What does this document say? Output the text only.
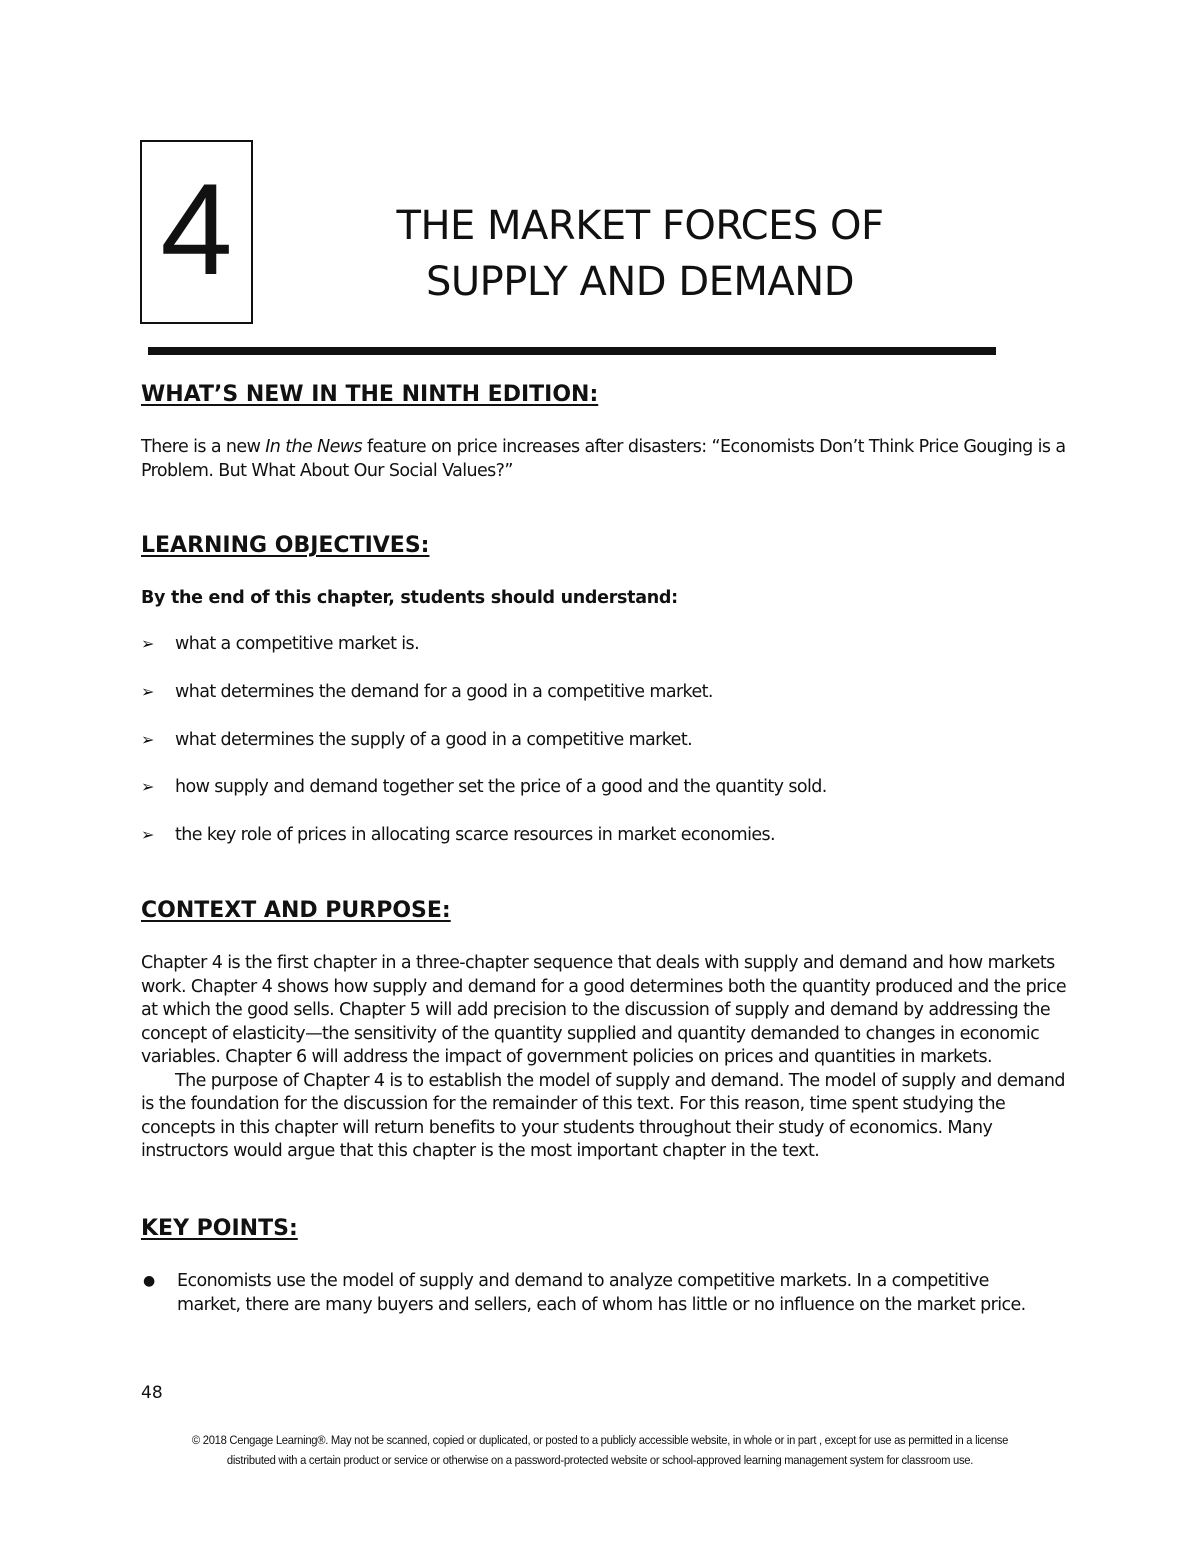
4	THE MARKET FORCES OF
SUPPLY AND DEMAND
WHAT’S NEW IN THE NINTH EDITION:

There is a new In the News feature on price increases after disasters: “Economists Don’t Think Price Gouging is a Problem. But What About Our Social Values?”

LEARNING OBJECTIVES:

By the end of this chapter, students should understand:

➢	what a competitive market is.
➢	what determines the demand for a good in a competitive market.
➢	what determines the supply of a good in a competitive market.
➢	how supply and demand together set the price of a good and the quantity sold.
➢	the key role of prices in allocating scarce resources in market economies.
CONTEXT AND PURPOSE:

Chapter 4 is the first chapter in a three-chapter sequence that deals with supply and demand and how markets work. Chapter 4 shows how supply and demand for a good determines both the quantity produced and the price at which the good sells. Chapter 5 will add precision to the discussion of supply and demand by addressing the concept of elasticity—the sensitivity of the quantity supplied and quantity demanded to changes in economic variables. Chapter 6 will address the impact of government policies on prices and quantities in markets.

The purpose of Chapter 4 is to establish the model of supply and demand. The model of supply and demand is the foundation for the discussion for the remainder of this text. For this reason, time spent studying the concepts in this chapter will return benefits to your students throughout their study of economics. Many instructors would argue that this chapter is the most important chapter in the text.

KEY POINTS:
●	Economists use the model of supply and demand to analyze competitive markets. In a competitive market, there are many buyers and sellers, each of whom has little or no influence on the market price.
48
© 2018 Cengage Learning®. May not be scanned, copied or duplicated, or posted to a publicly accessible website, in whole or in part , except for use as permitted in a license distributed with a certain product or service or otherwise on a password-protected website or school-approved learning management system for classroom use.
